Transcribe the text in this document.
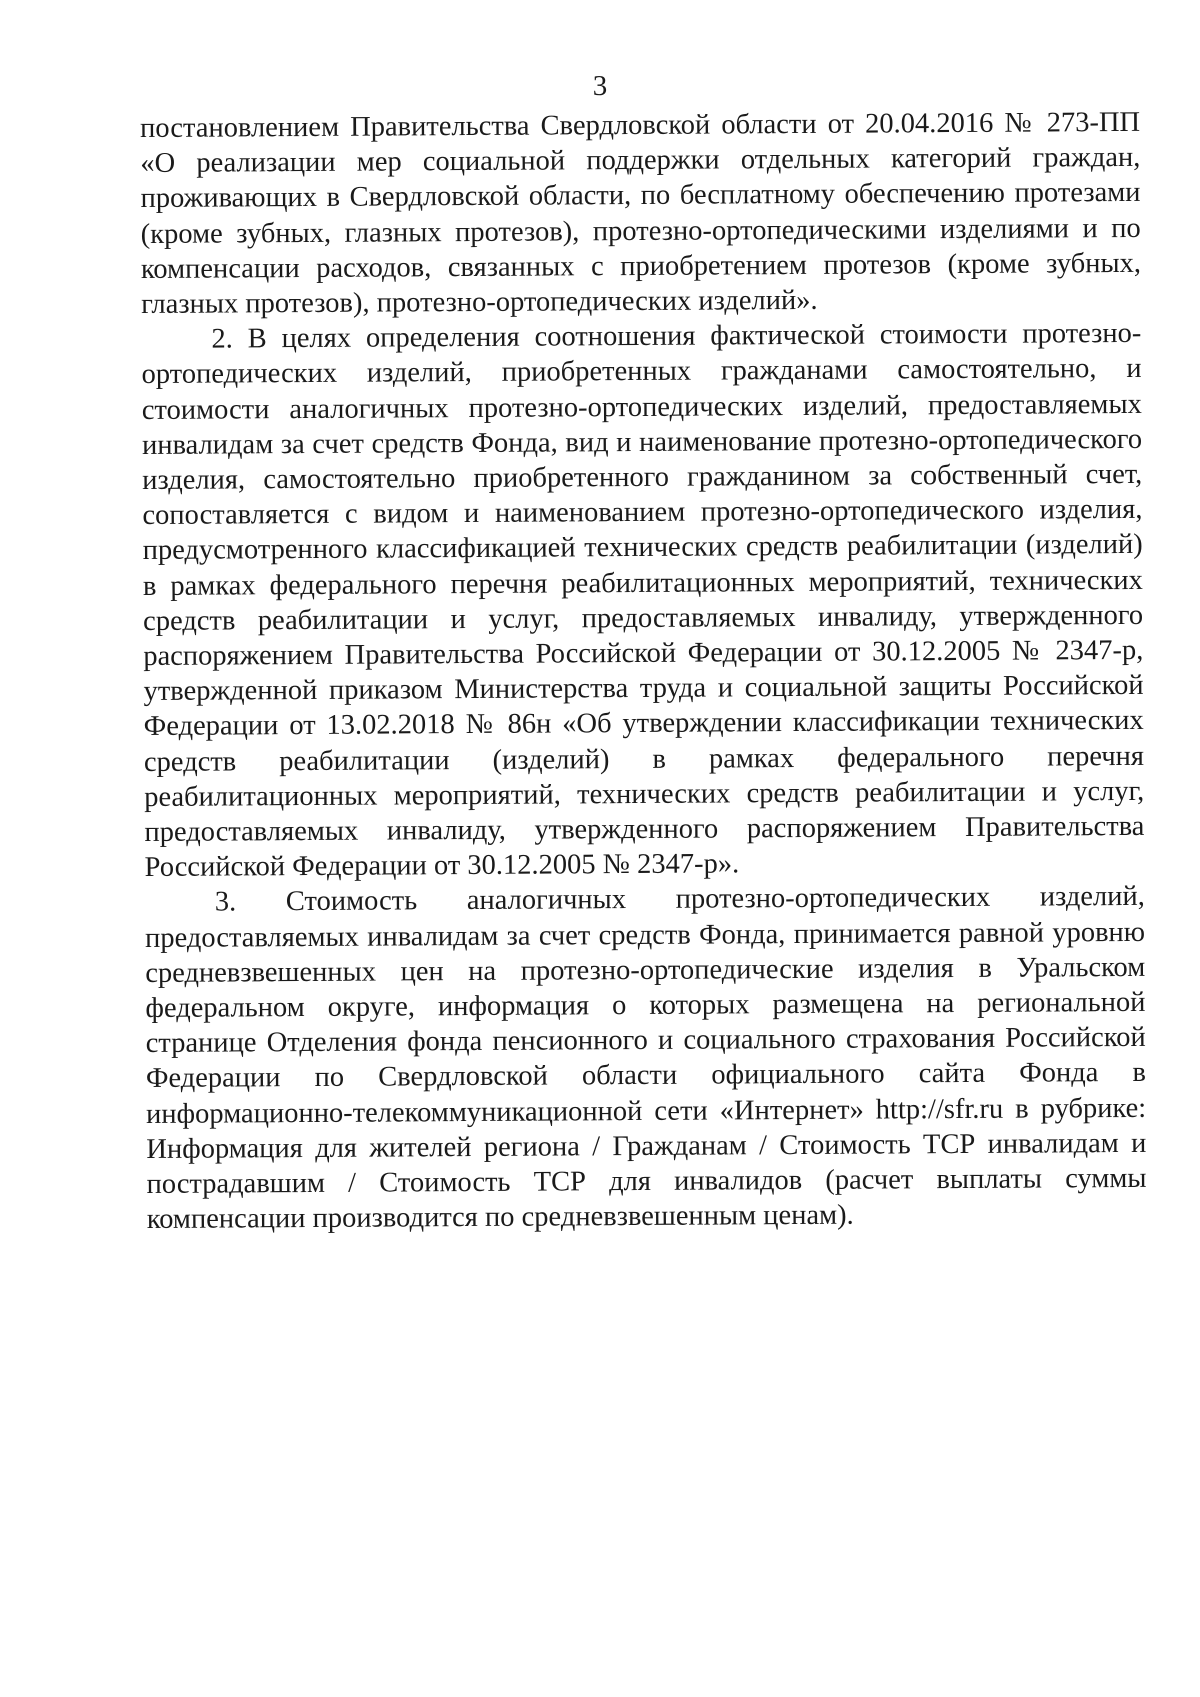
3

постановлением Правительства Свердловской области от 20.04.2016 № 273-ПП «О реализации мер социальной поддержки отдельных категорий граждан, проживающих в Свердловской области, по бесплатному обеспечению протезами (кроме зубных, глазных протезов), протезно-ортопедическими изделиями и по компенсации расходов, связанных с приобретением протезов (кроме зубных, глазных протезов), протезно-ортопедических изделий».

2. В целях определения соотношения фактической стоимости протезно-ортопедических изделий, приобретенных гражданами самостоятельно, и стоимости аналогичных протезно-ортопедических изделий, предоставляемых инвалидам за счет средств Фонда, вид и наименование протезно-ортопедического изделия, самостоятельно приобретенного гражданином за собственный счет, сопоставляется с видом и наименованием протезно-ортопедического изделия, предусмотренного классификацией технических средств реабилитации (изделий) в рамках федерального перечня реабилитационных мероприятий, технических средств реабилитации и услуг, предоставляемых инвалиду, утвержденного распоряжением Правительства Российской Федерации от 30.12.2005 № 2347-р, утвержденной приказом Министерства труда и социальной защиты Российской Федерации от 13.02.2018 № 86н «Об утверждении классификации технических средств реабилитации (изделий) в рамках федерального перечня реабилитационных мероприятий, технических средств реабилитации и услуг, предоставляемых инвалиду, утвержденного распоряжением Правительства Российской Федерации от 30.12.2005 № 2347-р».

3. Стоимость аналогичных протезно-ортопедических изделий, предоставляемых инвалидам за счет средств Фонда, принимается равной уровню средневзвешенных цен на протезно-ортопедические изделия в Уральском федеральном округе, информация о которых размещена на региональной странице Отделения фонда пенсионного и социального страхования Российской Федерации по Свердловской области официального сайта Фонда в информационно-телекоммуникационной сети «Интернет» http://sfr.ru в рубрике: Информация для жителей региона / Гражданам / Стоимость ТСР инвалидам и пострадавшим / Стоимость ТСР для инвалидов (расчет выплаты суммы компенсации производится по средневзвешенным ценам).
